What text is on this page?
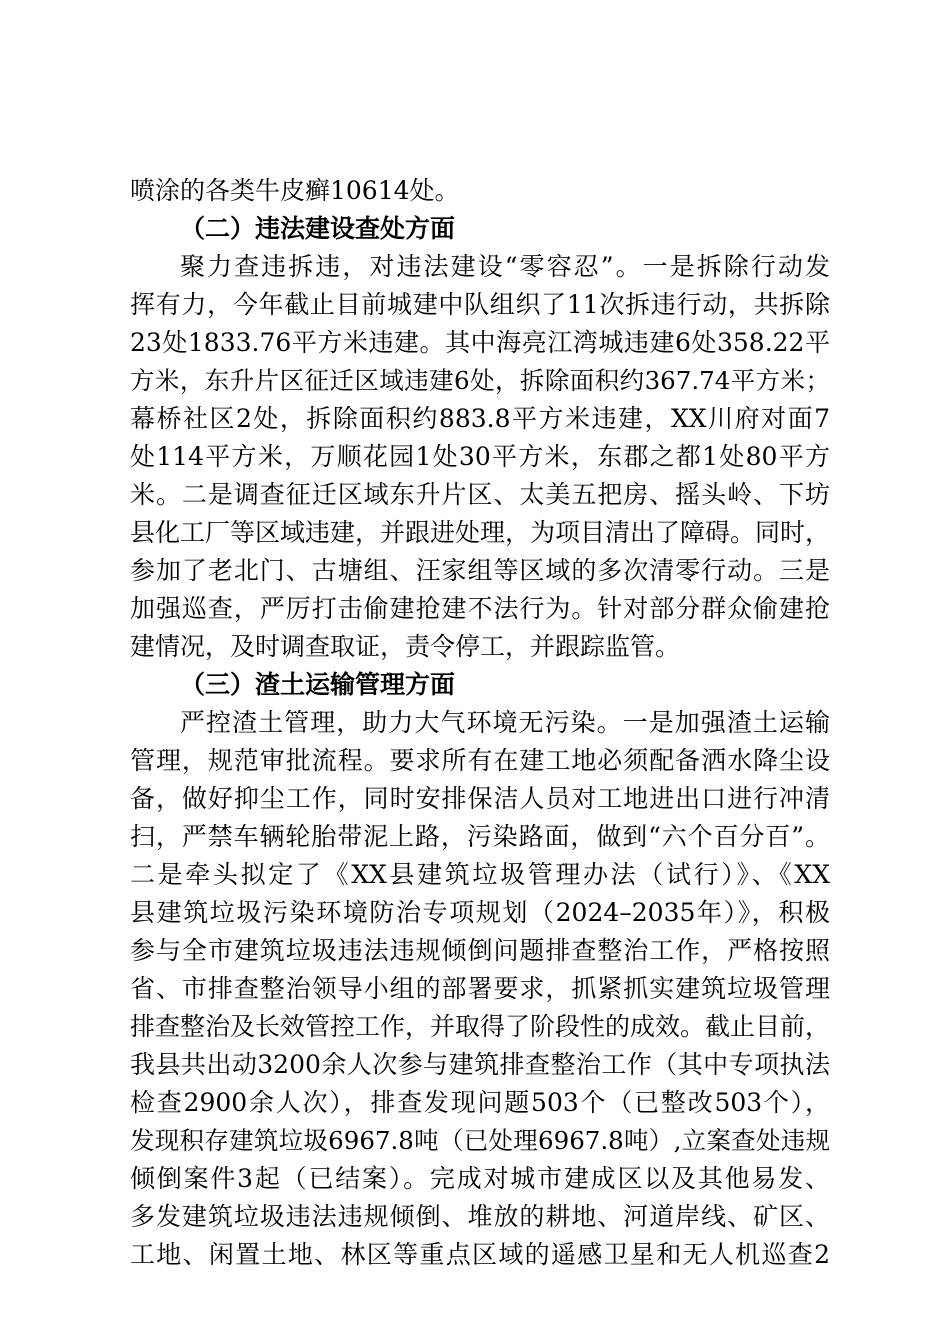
喷涂的各类牛皮癣10614处。
（二）违法建设查处方面
聚力查违拆违，对违法建设“零容忍”。一是拆除行动发
挥有力，今年截止目前城建中队组织了11次拆违行动，共拆除
23处1833.76平方米违建。其中海亮江湾城违建6处358.22平
方米，东升片区征迁区域违建6处，拆除面积约367.74平方米；
幕桥社区2处，拆除面积约883.8平方米违建，XX川府对面7
处114平方米，万顺花园1处30平方米，东郡之都1处80平方
米。二是调查征迁区域东升片区、太美五把房、摇头岭、下坊
县化工厂等区域违建，并跟进处理，为项目清出了障碍。同时，
参加了老北门、古塘组、汪家组等区域的多次清零行动。三是
加强巡查，严厉打击偷建抢建不法行为。针对部分群众偷建抢
建情况，及时调查取证，责令停工，并跟踪监管。
（三）渣土运输管理方面
严控渣土管理，助力大气环境无污染。一是加强渣土运输
管理，规范审批流程。要求所有在建工地必须配备洒水降尘设
备，做好抑尘工作，同时安排保洁人员对工地进出口进行冲清
扫，严禁车辆轮胎带泥上路，污染路面，做到“六个百分百”。
二是牵头拟定了《XX县建筑垃圾管理办法（试行）》、《XX
县建筑垃圾污染环境防治专项规划（2024–2035年）》，积极
参与全市建筑垃圾违法违规倾倒问题排查整治工作，严格按照
省、市排查整治领导小组的部署要求，抓紧抓实建筑垃圾管理
排查整治及长效管控工作，并取得了阶段性的成效。截止目前，
我县共出动3200余人次参与建筑排查整治工作（其中专项执法
检查2900余人次），排查发现问题503个（已整改503个），
发现积存建筑垃圾6967.8吨（已处理6967.8吨）,立案查处违规
倾倒案件3起（已结案）。完成对城市建成区以及其他易发、
多发建筑垃圾违法违规倾倒、堆放的耕地、河道岸线、矿区、
工地、闲置土地、林区等重点区域的遥感卫星和无人机巡查2
